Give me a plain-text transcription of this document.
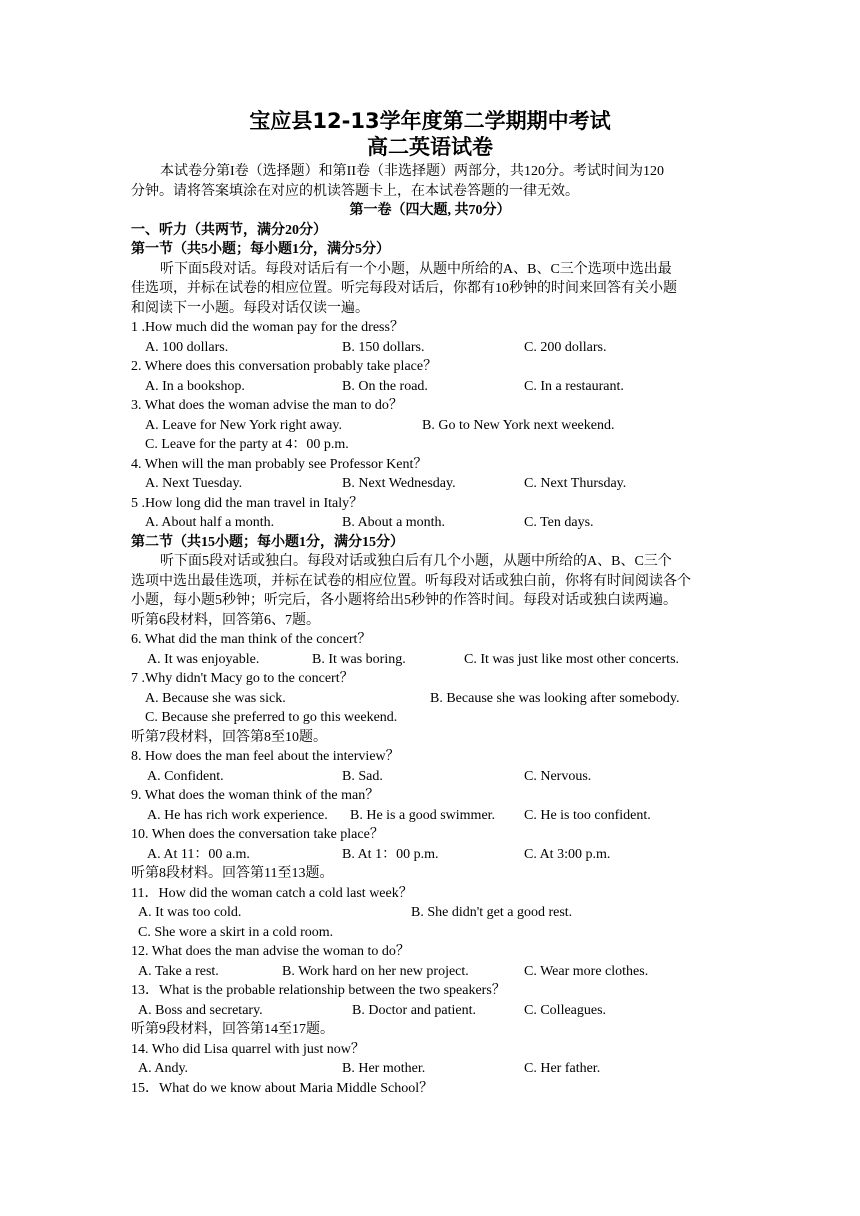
宝应县12-13学年度第二学期期中考试
高二英语试卷
本试卷分第I卷（选择题）和第II卷（非选择题）两部分，共120分。考试时间为120
分钟。请将答案填涂在对应的机读答题卡上，在本试卷答题的一律无效。
第一卷（四大题, 共70分）
一、听力（共两节，满分20分）
第一节（共5小题；每小题1分，满分5分）
听下面5段对话。每段对话后有一个小题，从题中所给的A、B、C三个选项中选出最
佳选项，并标在试卷的相应位置。听完每段对话后，你都有10秒钟的时间来回答有关小题
和阅读下一小题。每段对话仅读一遍。
1 .How much did the woman pay for the dress？
A. 100 dollars.	B. 150 dollars.	C. 200 dollars.
2. Where does this conversation probably take place？
A. In a bookshop.	B. On the road.	C. In a restaurant.
3. What does the woman advise the man to do？
A. Leave for New York right away.	B. Go to New York next weekend.
C. Leave for the party at 4：00 p.m.
4. When will the man probably see Professor Kent？
A. Next Tuesday.	B. Next Wednesday.	C. Next Thursday.
5 .How long did the man travel in Italy？
A. About half a month.	B. About a month.	C. Ten days.
第二节（共15小题；每小题1分，满分15分）
听下面5段对话或独白。每段对话或独白后有几个小题，从题中所给的A、B、C三个
选项中选出最佳选项，并标在试卷的相应位置。听每段对话或独白前，你将有时间阅读各个
小题，每小题5秒钟；听完后，各小题将给出5秒钟的作答时间。每段对话或独白读两遍。
听第6段材料，回答第6、7题。
6. What did the man think of the concert？
A. It was enjoyable.	B. It was boring.	C. It was just like most other concerts.
7 .Why didn't Macy go to the concert？
A. Because she was sick.	B. Because she was looking after somebody.
C. Because she preferred to go this weekend.
听第7段材料，回答第8至10题。
8. How does the man feel about the interview？
A. Confident.	B. Sad.	C. Nervous.
9. What does the woman think of the man？
A. He has rich work experience. B. He is a good swimmer. C. He is too confident.
10. When does the conversation take place？
A. At 11：00 a.m.	B. At 1：00 p.m.	C. At 3:00 p.m.
听第8段材料。回答第11至13题。
11．How did the woman catch a cold last week？
A. It was too cold.	B. She didn't get a good rest.
C. She wore a skirt in a cold room.
12. What does the man advise the woman to do？
A. Take a rest.	B. Work hard on her new project.	C. Wear more clothes.
13．What is the probable relationship between the two speakers？
A. Boss and secretary.	B. Doctor and patient.	C. Colleagues.
听第9段材料，回答第14至17题。
14. Who did Lisa quarrel with just now？
A. Andy.	B. Her mother.	C. Her father.
15．What do we know about Maria Middle School？
